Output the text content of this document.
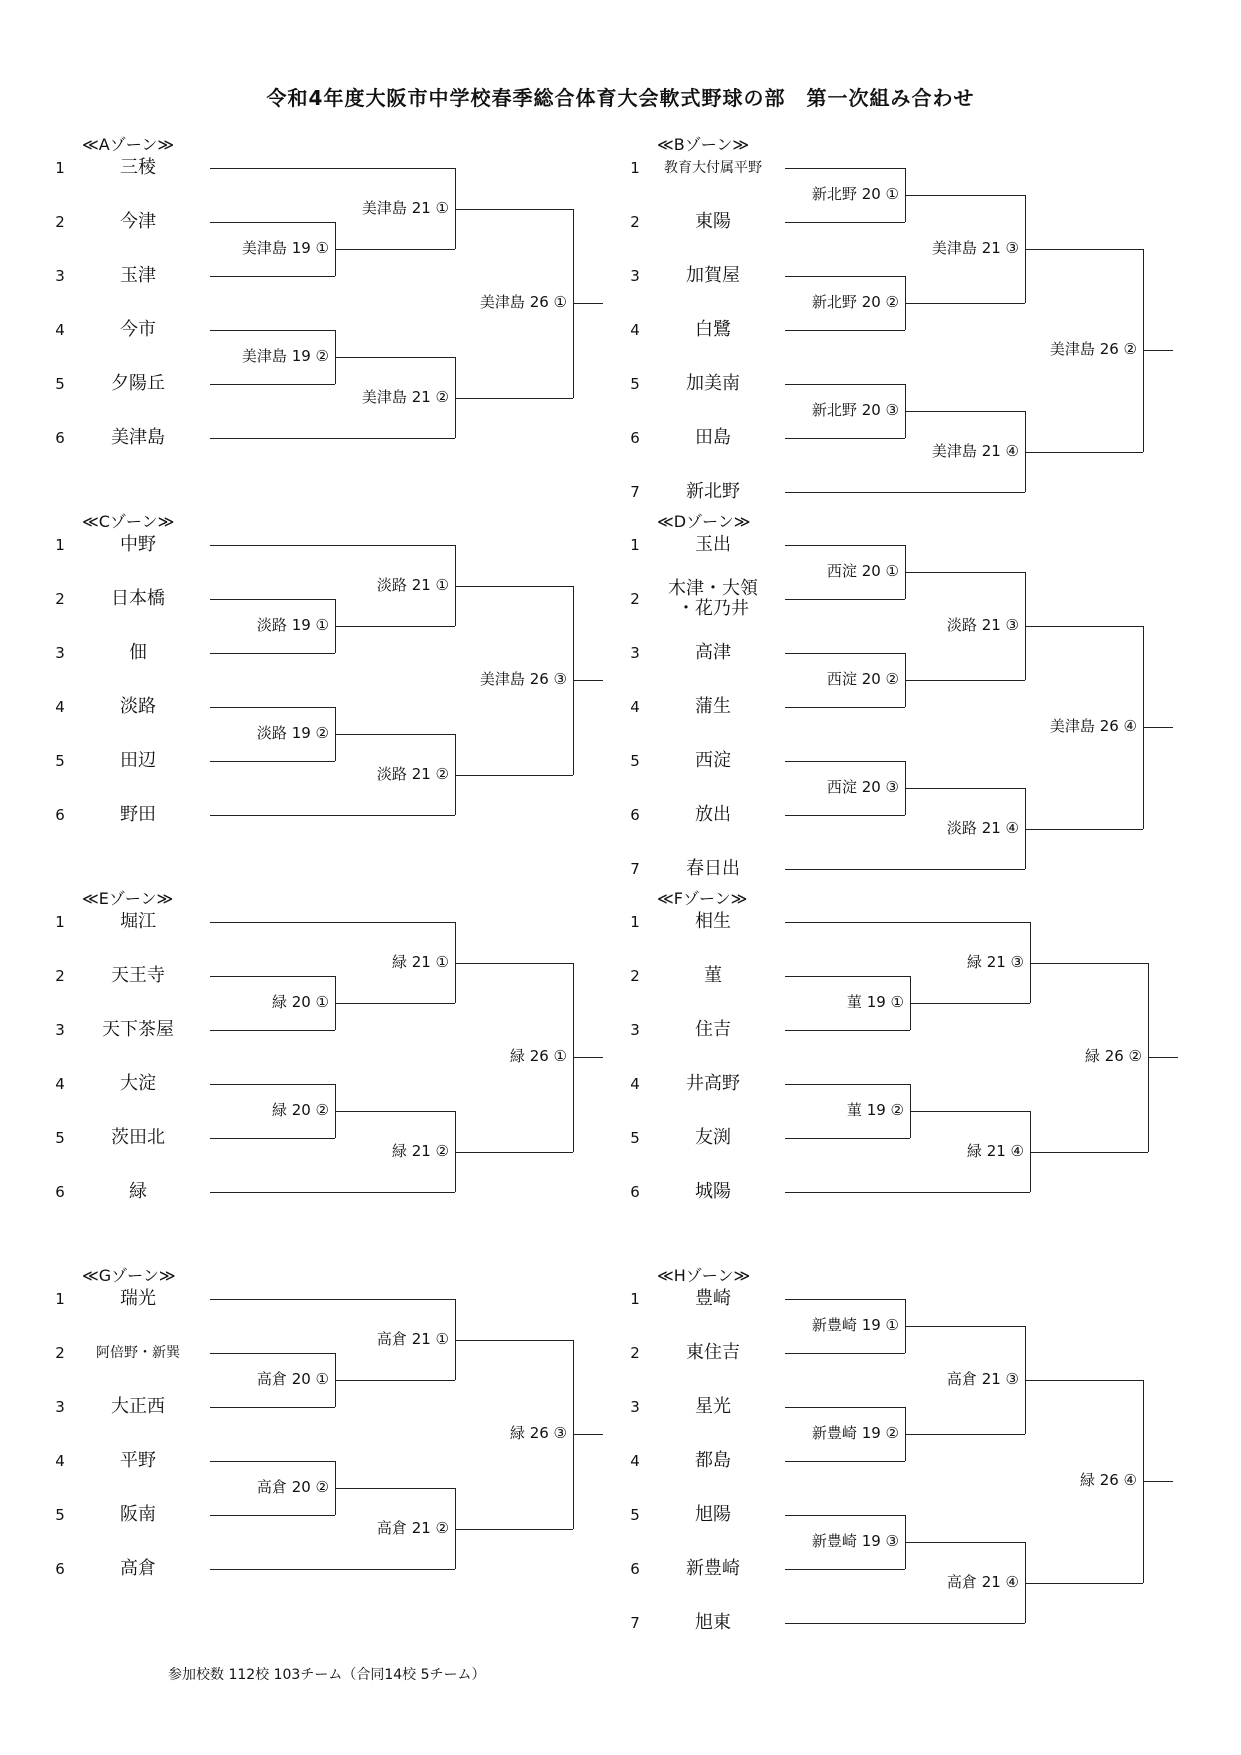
令和4年度大阪市中学校春季総合体育大会軟式野球の部　第一次組み合わせ
≪Aゾーン≫
1	三稜
2	今津
3	玉津
4	今市
5	夕陽丘
6	美津島
美津島 19 ①
美津島 21 ①
美津島 19 ②
美津島 21 ②
美津島 26 ①
≪Bゾーン≫
1	教育大付属平野
2	東陽
3	加賀屋
4	白鷺
5	加美南
6	田島
7	新北野
新北野 20 ①
新北野 20 ②
美津島 21 ③
新北野 20 ③
美津島 21 ④
美津島 26 ②
≪Cゾーン≫
1	中野
2	日本橋
3	佃
4	淡路
5	田辺
6	野田
淡路 19 ①
淡路 21 ①
淡路 19 ②
淡路 21 ②
美津島 26 ③
≪Dゾーン≫
1	玉出
2	木津・大領
・花乃井
3	高津
4	蒲生
5	西淀
6	放出
7	春日出
西淀 20 ①
西淀 20 ②
淡路 21 ③
西淀 20 ③
淡路 21 ④
美津島 26 ④
≪Eゾーン≫
1	堀江
2	天王寺
3	天下茶屋
4	大淀
5	茨田北
6	緑
緑 20 ①
緑 21 ①
緑 20 ②
緑 21 ②
緑 26 ①
≪Fゾーン≫
1	相生
2	菫
3	住吉
4	井高野
5	友渕
6	城陽
菫 19 ①
緑 21 ③
菫 19 ②
緑 21 ④
緑 26 ②
≪Gゾーン≫
1	瑞光
2	阿倍野・新巽
3	大正西
4	平野
5	阪南
6	高倉
高倉 20 ①
高倉 21 ①
高倉 20 ②
高倉 21 ②
緑 26 ③
≪Hゾーン≫
1	豊崎
2	東住吉
3	星光
4	都島
5	旭陽
6	新豊崎
7	旭東
新豊崎 19 ①
新豊崎 19 ②
高倉 21 ③
新豊崎 19 ③
高倉 21 ④
緑 26 ④
参加校数 112校 103チーム（合同14校 5チーム）
